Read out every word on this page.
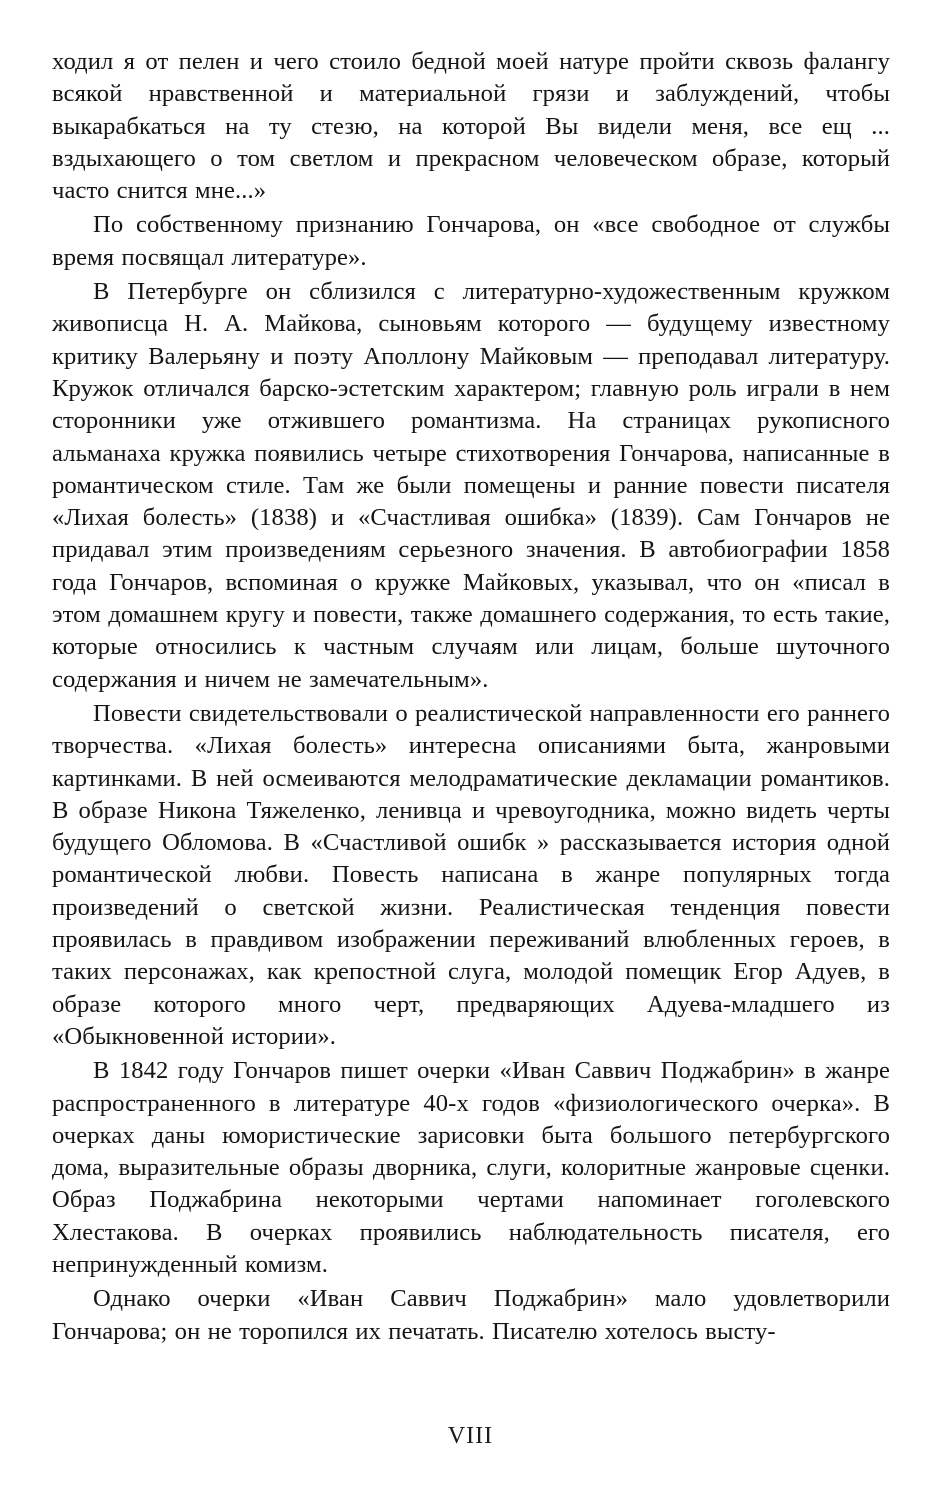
ходил я от пелен и чего стоило бедной моей натуре пройти сквозь фалангу всякой нравственной и материальной грязи и заблуждений, чтобы выкарабкаться на ту стезю, на которой Вы видели меня, все ещ ... вздыхающего о том светлом и прекрасном человеческом образе, который часто снится мне...»

По собственному признанию Гончарова, он «все свободное от службы время посвящал литературе».

В Петербурге он сблизился с литературно-художественным кружком живописца Н. А. Майкова, сыновьям которого — будущему известному критику Валерьяну и поэту Аполлону Майковым — преподавал литературу. Кружок отличался барско-эстетским характером; главную роль играли в нем сторонники уже отжившего романтизма. На страницах рукописного альманаха кружка появились четыре стихотворения Гончарова, написанные в романтическом стиле. Там же были помещены и ранние повести писателя «Лихая болесть» (1838) и «Счастливая ошибка» (1839). Сам Гончаров не придавал этим произведениям серьезного значения. В автобиографии 1858 года Гончаров, вспоминая о кружке Майковых, указывал, что он «писал в этом домашнем кругу и повести, также домашнего содержания, то есть такие, которые относились к частным случаям или лицам, больше шуточного содержания и ничем не замечательным».

Повести свидетельствовали о реалистической направленности его раннего творчества. «Лихая болесть» интересна описаниями быта, жанровыми картинками. В ней осмеиваются мелодраматические декламации романтиков. В образе Никона Тяжеленко, ленивца и чревоугодника, можно видеть черты будущего Обломова. В «Счастливой ошибк » рассказывается история одной романтической любви. Повесть написана в жанре популярных тогда произведений о светской жизни. Реалистическая тенденция повести проявилась в правдивом изображении переживаний влюбленных героев, в таких персонажах, как крепостной слуга, молодой помещик Егор Адуев, в образе которого много черт, предваряющих Адуева-младшего из «Обыкновенной истории».

В 1842 году Гончаров пишет очерки «Иван Саввич Поджабрин» в жанре распространенного в литературе 40-х годов «физиологического очерка». В очерках даны юмористические зарисовки быта большого петербургского дома, выразительные образы дворника, слуги, колоритные жанровые сценки. Образ Поджабрина некоторыми чертами напоминает гоголевского Хлестакова. В очерках проявились наблюдательность писателя, его непринужденный комизм.

Однако очерки «Иван Саввич Поджабрин» мало удовлетворили Гончарова; он не торопился их печатать. Писателю хотелось высту-

VIII
